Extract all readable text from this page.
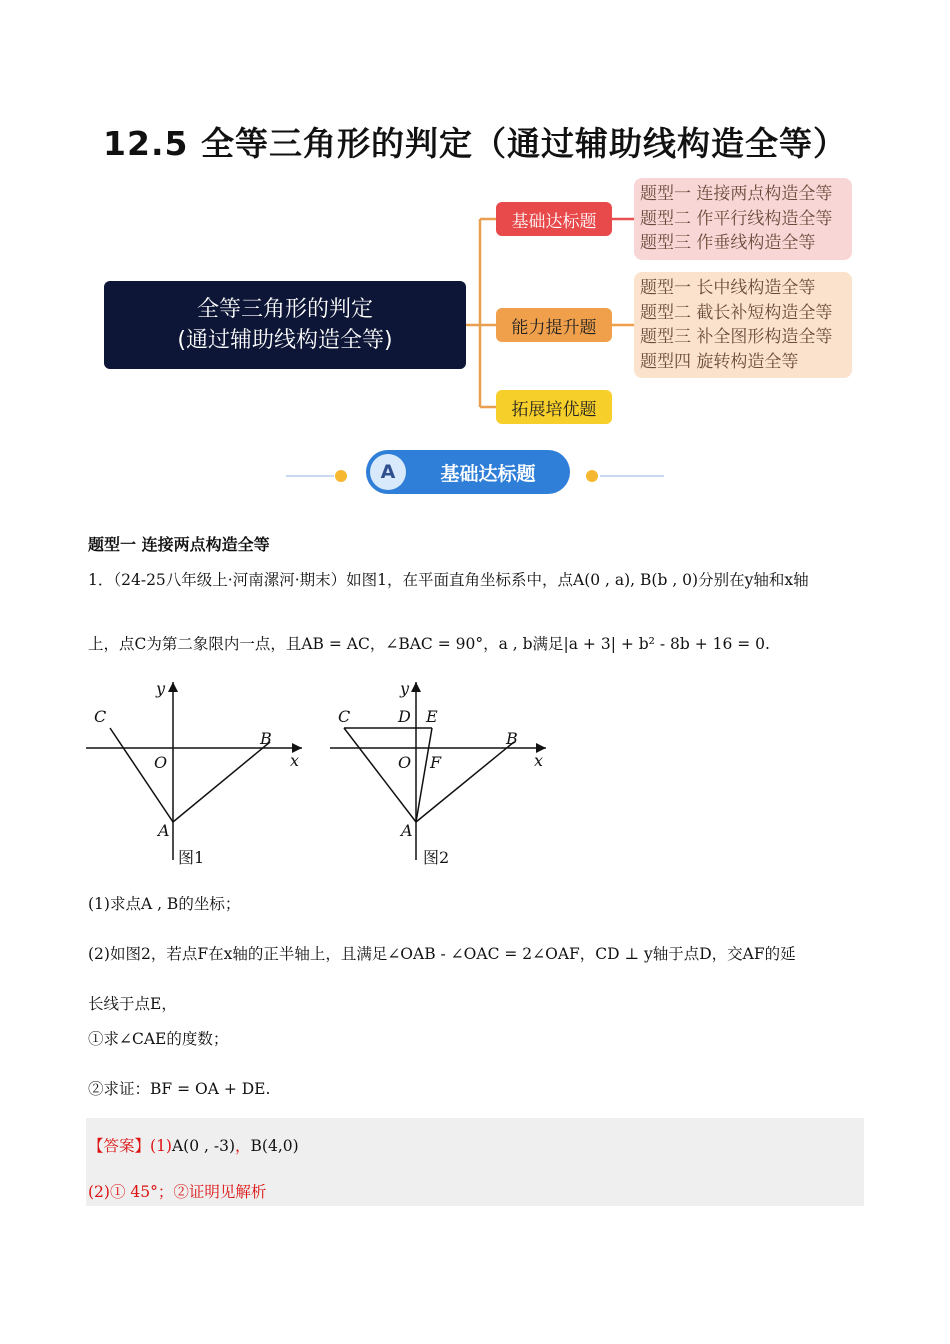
12.5 全等三角形的判定（通过辅助线构造全等）
全等三角形的判定
(通过辅助线构造全等)
基础达标题
能力提升题
拓展培优题
题型一 连接两点构造全等
题型二 作平行线构造全等
题型三 作垂线构造全等
题型一 长中线构造全等
题型二 截长补短构造全等
题型三 补全图形构造全等
题型四 旋转构造全等
A	基础达标题
题型一 连接两点构造全等
1．（24-25八年级上·河南漯河·期末）如图1，在平面直角坐标系中，点A(0 , a), B(b , 0)分别在y轴和x轴
上，点C为第二象限内一点，且AB = AC，∠BAC = 90°，a , b满足|a + 3| + b² - 8b + 16 = 0.
C
B
O	x
y
A
图1
C	D E
B
O F	x
y
A
图2
(1)求点A , B的坐标；
(2)如图2，若点F在x轴的正半轴上，且满足∠OAB - ∠OAC = 2∠OAF，CD ⊥ y轴于点D，交AF的延
长线于点E，
①求∠CAE的度数；
②求证：BF = OA + DE.
【答案】(1)A(0 , -3)，B(4,0)
(2)① 45°；②证明见解析
